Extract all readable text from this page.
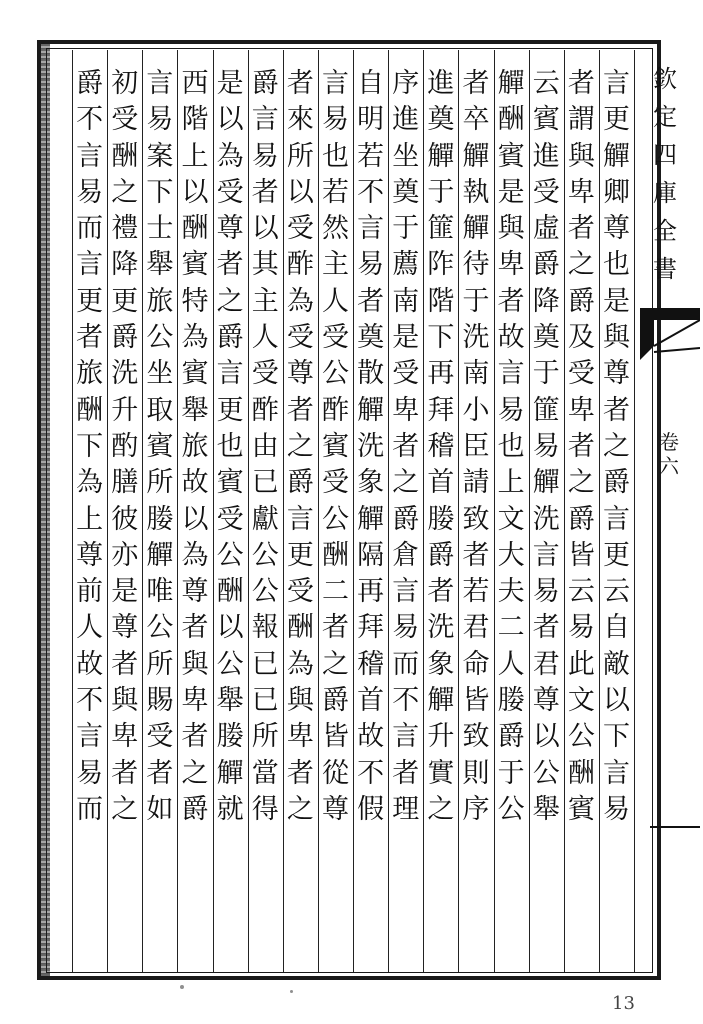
欽
定
四
庫
全
書
卷
六
言
更
觶
卿
尊
也
是
與
尊
者
之
爵
言
更
云
自
敵
以
下
言
易
者
謂
與
卑
者
之
爵
及
受
卑
者
之
爵
皆
云
易
此
文
公
酬
賓
云
賓
進
受
虛
爵
降
奠
于
篚
易
觶
洗
言
易
者
君
尊
以
公
舉
觶
酬
賓
是
與
卑
者
故
言
易
也
上
文
大
夫
二
人
媵
爵
于
公
者
卒
觶
執
觶
待
于
洗
南
小
臣
請
致
者
若
君
命
皆
致
則
序
進
奠
觶
于
篚
阼
階
下
再
拜
稽
首
媵
爵
者
洗
象
觶
升
實
之
序
進
坐
奠
于
薦
南
是
受
卑
者
之
爵
倉
言
易
而
不
言
者
理
自
明
若
不
言
易
者
奠
散
觶
洗
象
觶
隔
再
拜
稽
首
故
不
假
言
易
也
若
然
主
人
受
公
酢
賓
受
公
酬
二
者
之
爵
皆
從
尊
者
來
所
以
受
酢
為
受
尊
者
之
爵
言
更
受
酬
為
與
卑
者
之
爵
言
易
者
以
其
主
人
受
酢
由
已
獻
公
公
報
已
已
所
當
得
是
以
為
受
尊
者
之
爵
言
更
也
賓
受
公
酬
以
公
舉
媵
觶
就
西
階
上
以
酬
賓
特
為
賓
舉
旅
故
以
為
尊
者
與
卑
者
之
爵
言
易
案
下
士
舉
旅
公
坐
取
賓
所
媵
觶
唯
公
所
賜
受
者
如
初
受
酬
之
禮
降
更
爵
洗
升
酌
膳
彼
亦
是
尊
者
與
卑
者
之
爵
不
言
易
而
言
更
者
旅
酬
下
為
上
尊
前
人
故
不
言
易
而
13
